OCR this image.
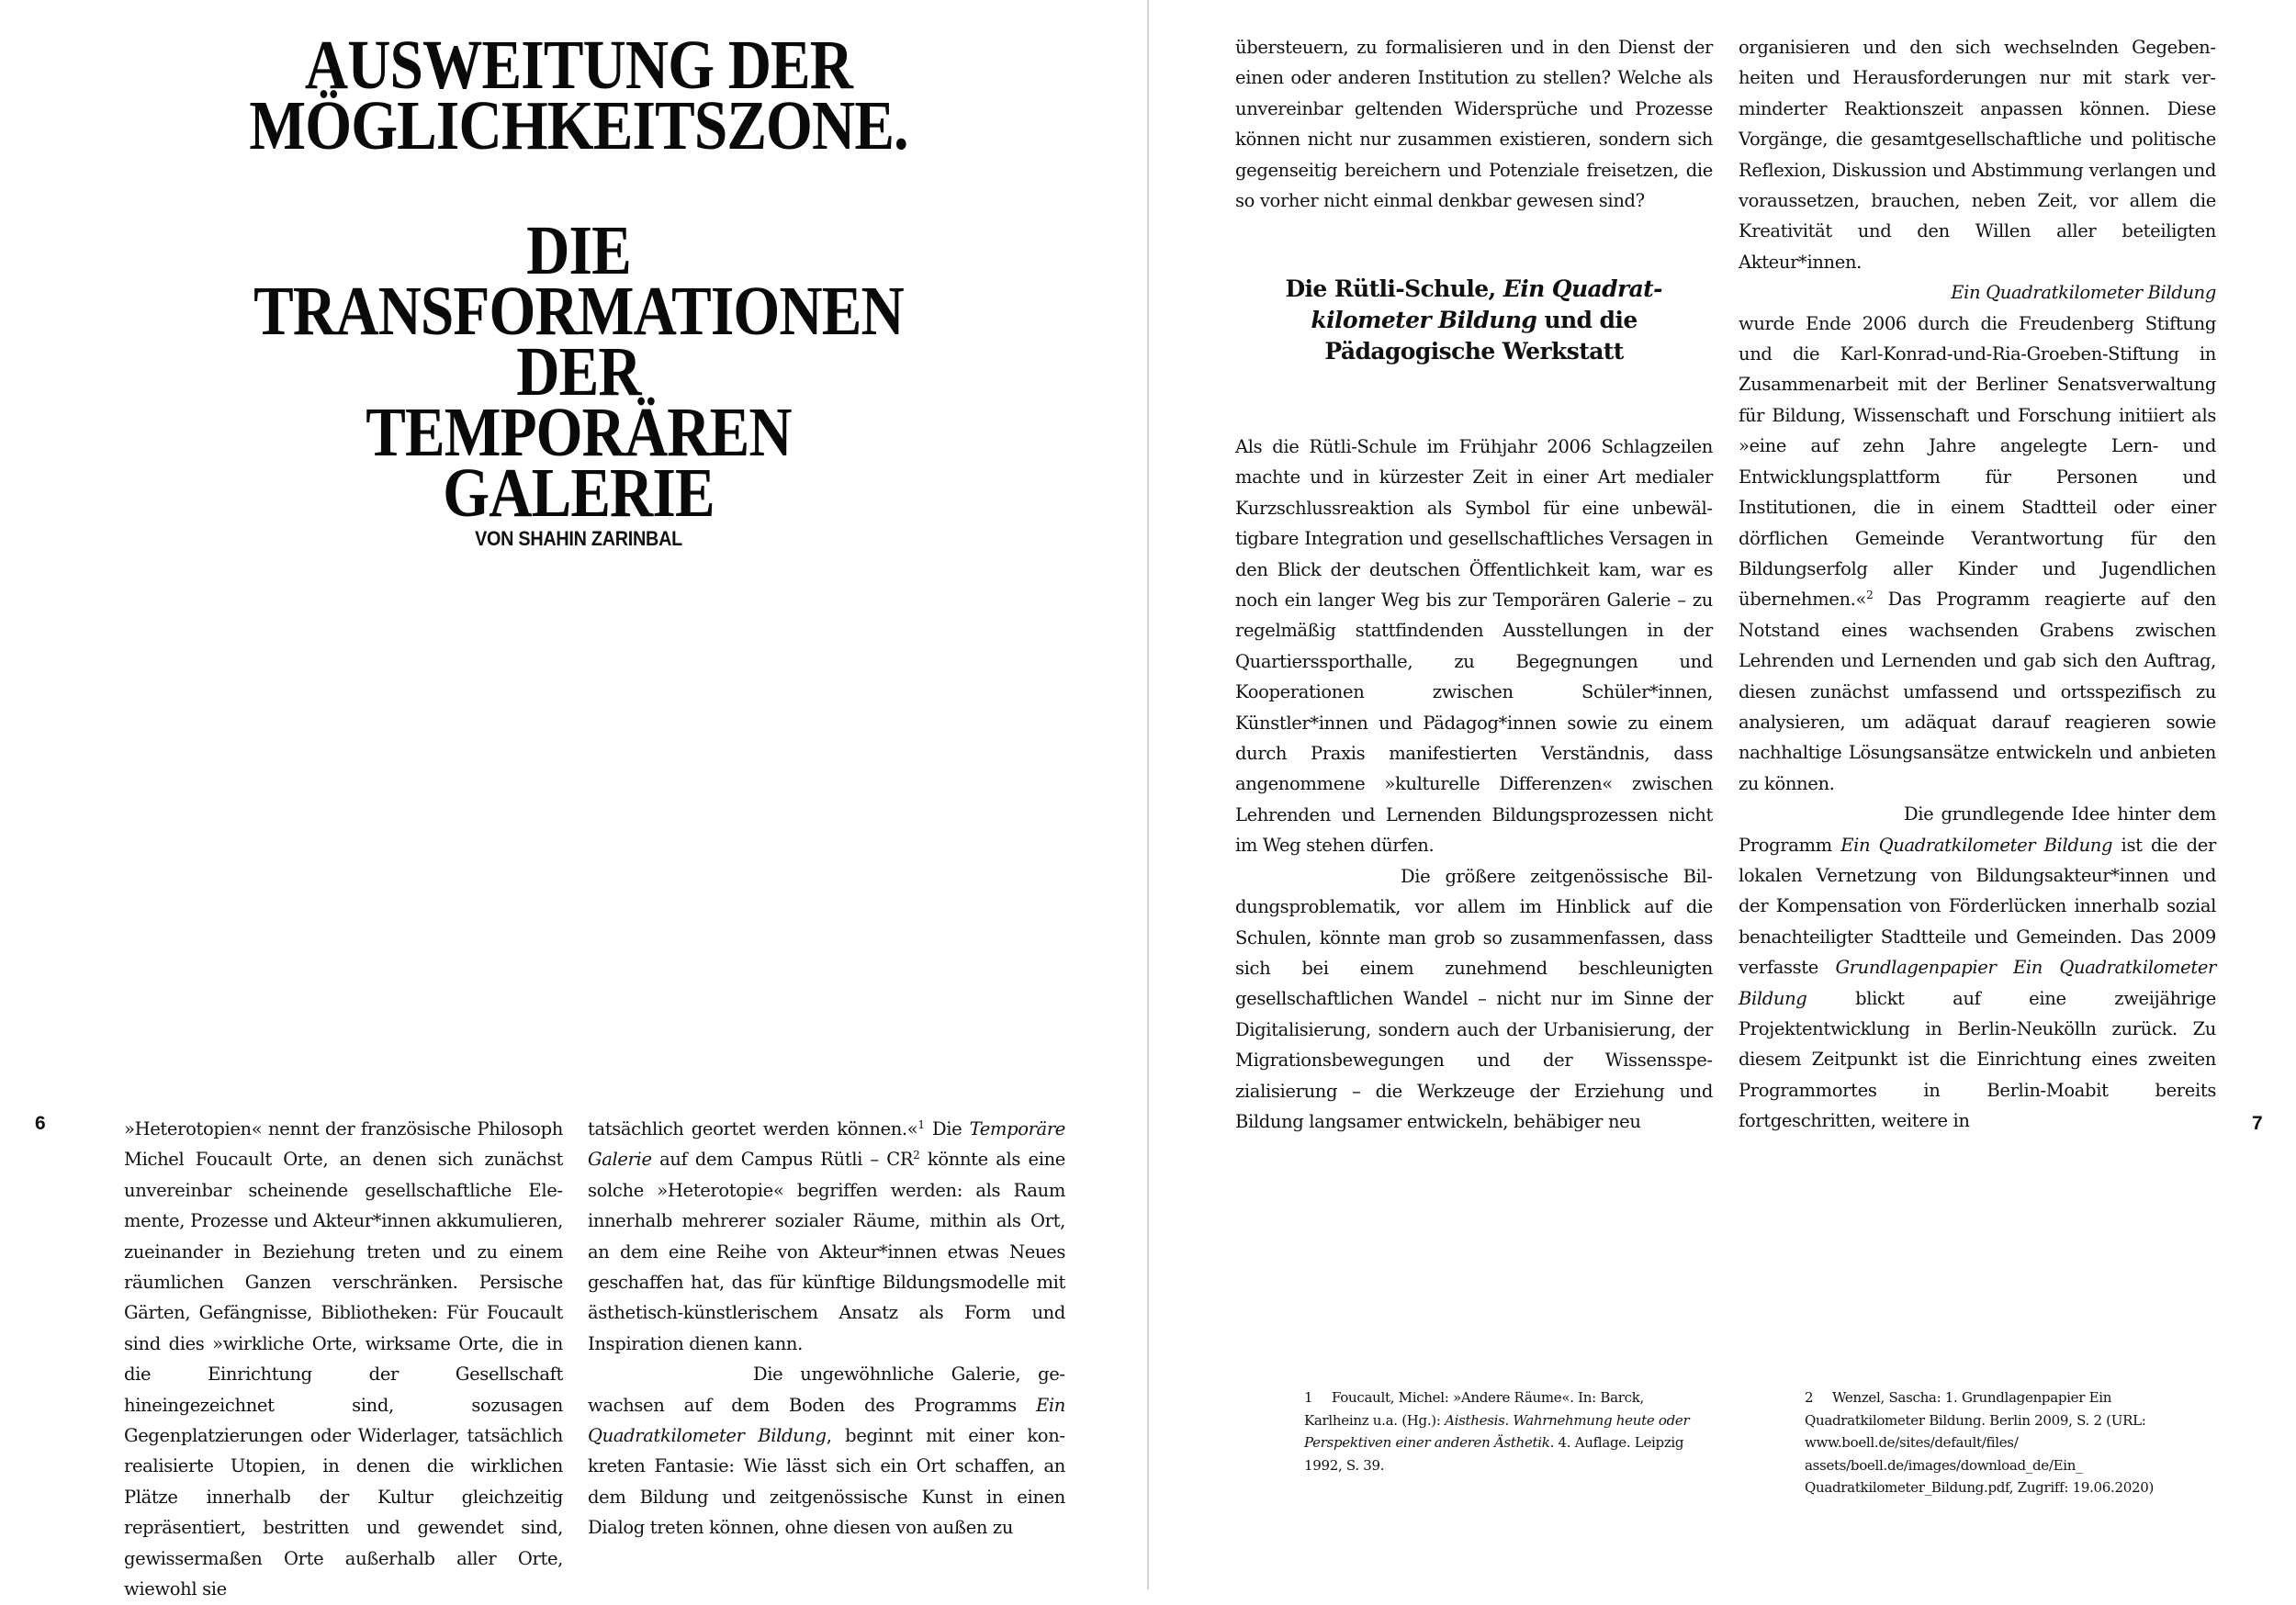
AUSWEITUNG DER
MÖGLICHKEITSZONE.
DIE
TRANSFORMATIONEN
DER
TEMPORÄREN
GALERIE

VON SHAHIN ZARINBAL

6	»Heterotopien« nennt der französische Philosoph Michel Foucault Orte, an denen sich zunächst unvereinbar scheinende gesellschaftliche Elemente, Prozesse und Akteur*innen akkumulieren, zueinander in Beziehung treten und zu einem räumlichen Ganzen verschränken. Persische Gärten, Gefängnisse, Bibliotheken: Für Foucault sind dies »wirkliche Orte, wirksame Orte, die in die Einrichtung der Gesellschaft hineingezeichnet sind, sozusagen Gegenplatzierungen oder Widerlager, tatsächlich realisierte Utopien, in denen die wirklichen Plätze innerhalb der Kultur gleichzeitig repräsentiert, bestritten und gewendet sind, gewissermaßen Orte außerhalb aller Orte, wiewohl sie

tatsächlich geortet werden können.«$^1$ Die Temporäre Galerie auf dem Campus Rütli – $CR^2$ könnte als eine solche »Heterotopie« begriffen werden: als Raum innerhalb mehrerer sozialer Räume, mithin als Ort, an dem eine Reihe von Akteur*innen etwas Neues geschaffen hat, das für künftige Bildungsmodelle mit ästhetisch-künstlerischem Ansatz als Form und Inspiration dienen kann.

Die ungewöhnliche Galerie, gewachsen auf dem Boden des Programms Ein Quadratkilometer Bildung, beginnt mit einer konkreten Fantasie: Wie lässt sich ein Ort schaffen, an dem Bildung und zeitgenössische Kunst in einen Dialog treten können, ohne diesen von außen zu

übersteuern, zu formalisieren und in den Dienst der einen oder anderen Institution zu stellen? Welche als unvereinbar geltenden Widersprüche und Prozesse können nicht nur zusammen existieren, sondern sich gegenseitig bereichern und Potenziale freisetzen, die so vorher nicht einmal denkbar gewesen sind?

Die Rütli-Schule, Ein Quadratkilometer Bildung und die Pädagogische Werkstatt

Als die Rütli-Schule im Frühjahr 2006 Schlagzeilen machte und in kürzester Zeit in einer Art medialer Kurzschlussreaktion als Symbol für eine unbewältigbare Integration und gesellschaftliches Versagen in den Blick der deutschen Öffentlichkeit kam, war es noch ein langer Weg bis zur Temporären Galerie – zu regelmäßig stattfindenden Ausstellungen in der Quartierssporthalle, zu Begegnungen und Kooperationen zwischen Schüler*innen, Künstler*innen und Pädagog*innen sowie zu einem durch Praxis manifestierten Verständnis, dass angenommene »kulturelle Differenzen« zwischen Lehrenden und Lernenden Bildungsprozessen nicht im Weg stehen dürfen.

Die größere zeitgenössische Bildungsproblematik, vor allem im Hinblick auf die Schulen, könnte man grob so zusammenfassen, dass sich bei einem zunehmend beschleunigten gesellschaftlichen Wandel – nicht nur im Sinne der Digitalisierung, sondern auch der Urbanisierung, der Migrationsbewegungen und der Wissensspezialisierung – die Werkzeuge der Erziehung und Bildung langsamer entwickeln, behäbiger neu

organisieren und den sich wechselnden Gegebenheiten und Herausforderungen nur mit stark verminderter Reaktionszeit anpassen können. Diese Vorgänge, die gesamtgesellschaftliche und politische Reflexion, Diskussion und Abstimmung verlangen und voraussetzen, brauchen, neben Zeit, vor allem die Kreativität und den Willen aller beteiligten Akteur*innen.

Ein Quadratkilometer Bildung
wurde Ende 2006 durch die Freudenberg Stiftung und die Karl-Konrad-und-Ria-Groeben-Stiftung in Zusammenarbeit mit der Berliner Senatsverwaltung für Bildung, Wissenschaft und Forschung initiiert als »eine auf zehn Jahre angelegte Lern- und Entwicklungsplattform für Personen und Institutionen, die in einem Stadtteil oder einer dörflichen Gemeinde Verantwortung für den Bildungserfolg aller Kinder und Jugendlichen übernehmen.«$^2$ Das Programm reagierte auf den Notstand eines wachsenden Grabens zwischen Lehrenden und Lernenden und gab sich den Auftrag, diesen zunächst umfassend und ortsspezifisch zu analysieren, um adäquat darauf reagieren sowie nachhaltige Lösungsansätze entwickeln und anbieten zu können.

Die grundlegende Idee hinter dem Programm Ein Quadratkilometer Bildung ist die der lokalen Vernetzung von Bildungsakteur*innen und der Kompensation von Förderlücken innerhalb sozial benachteiligter Stadtteile und Gemeinden. Das 2009 verfasste Grundlagenpapier Ein Quadratkilometer Bildung blickt auf eine zweijährige Projektentwicklung in Berlin-Neukölln zurück. Zu diesem Zeitpunkt ist die Einrichtung eines zweiten Programmortes in Berlin-Moabit bereits fortgeschritten, weitere in	7

1 Foucault, Michel: »Andere Räume«. In: Barck, Karlheinz u.a. (Hg.): Aisthesis. Wahrnehmung heute oder Perspektiven einer anderen Ästhetik. 4. Auflage. Leipzig 1992, S. 39.

2 Wenzel, Sascha: 1. Grundlagenpapier Ein Quadratkilometer Bildung. Berlin 2009, S. 2 (URL: www.boell.de/sites/default/files/ assets/boell.de/images/download_de/Ein_ Quadratkilometer_Bildung.pdf, Zugriff: 19.06.2020)
